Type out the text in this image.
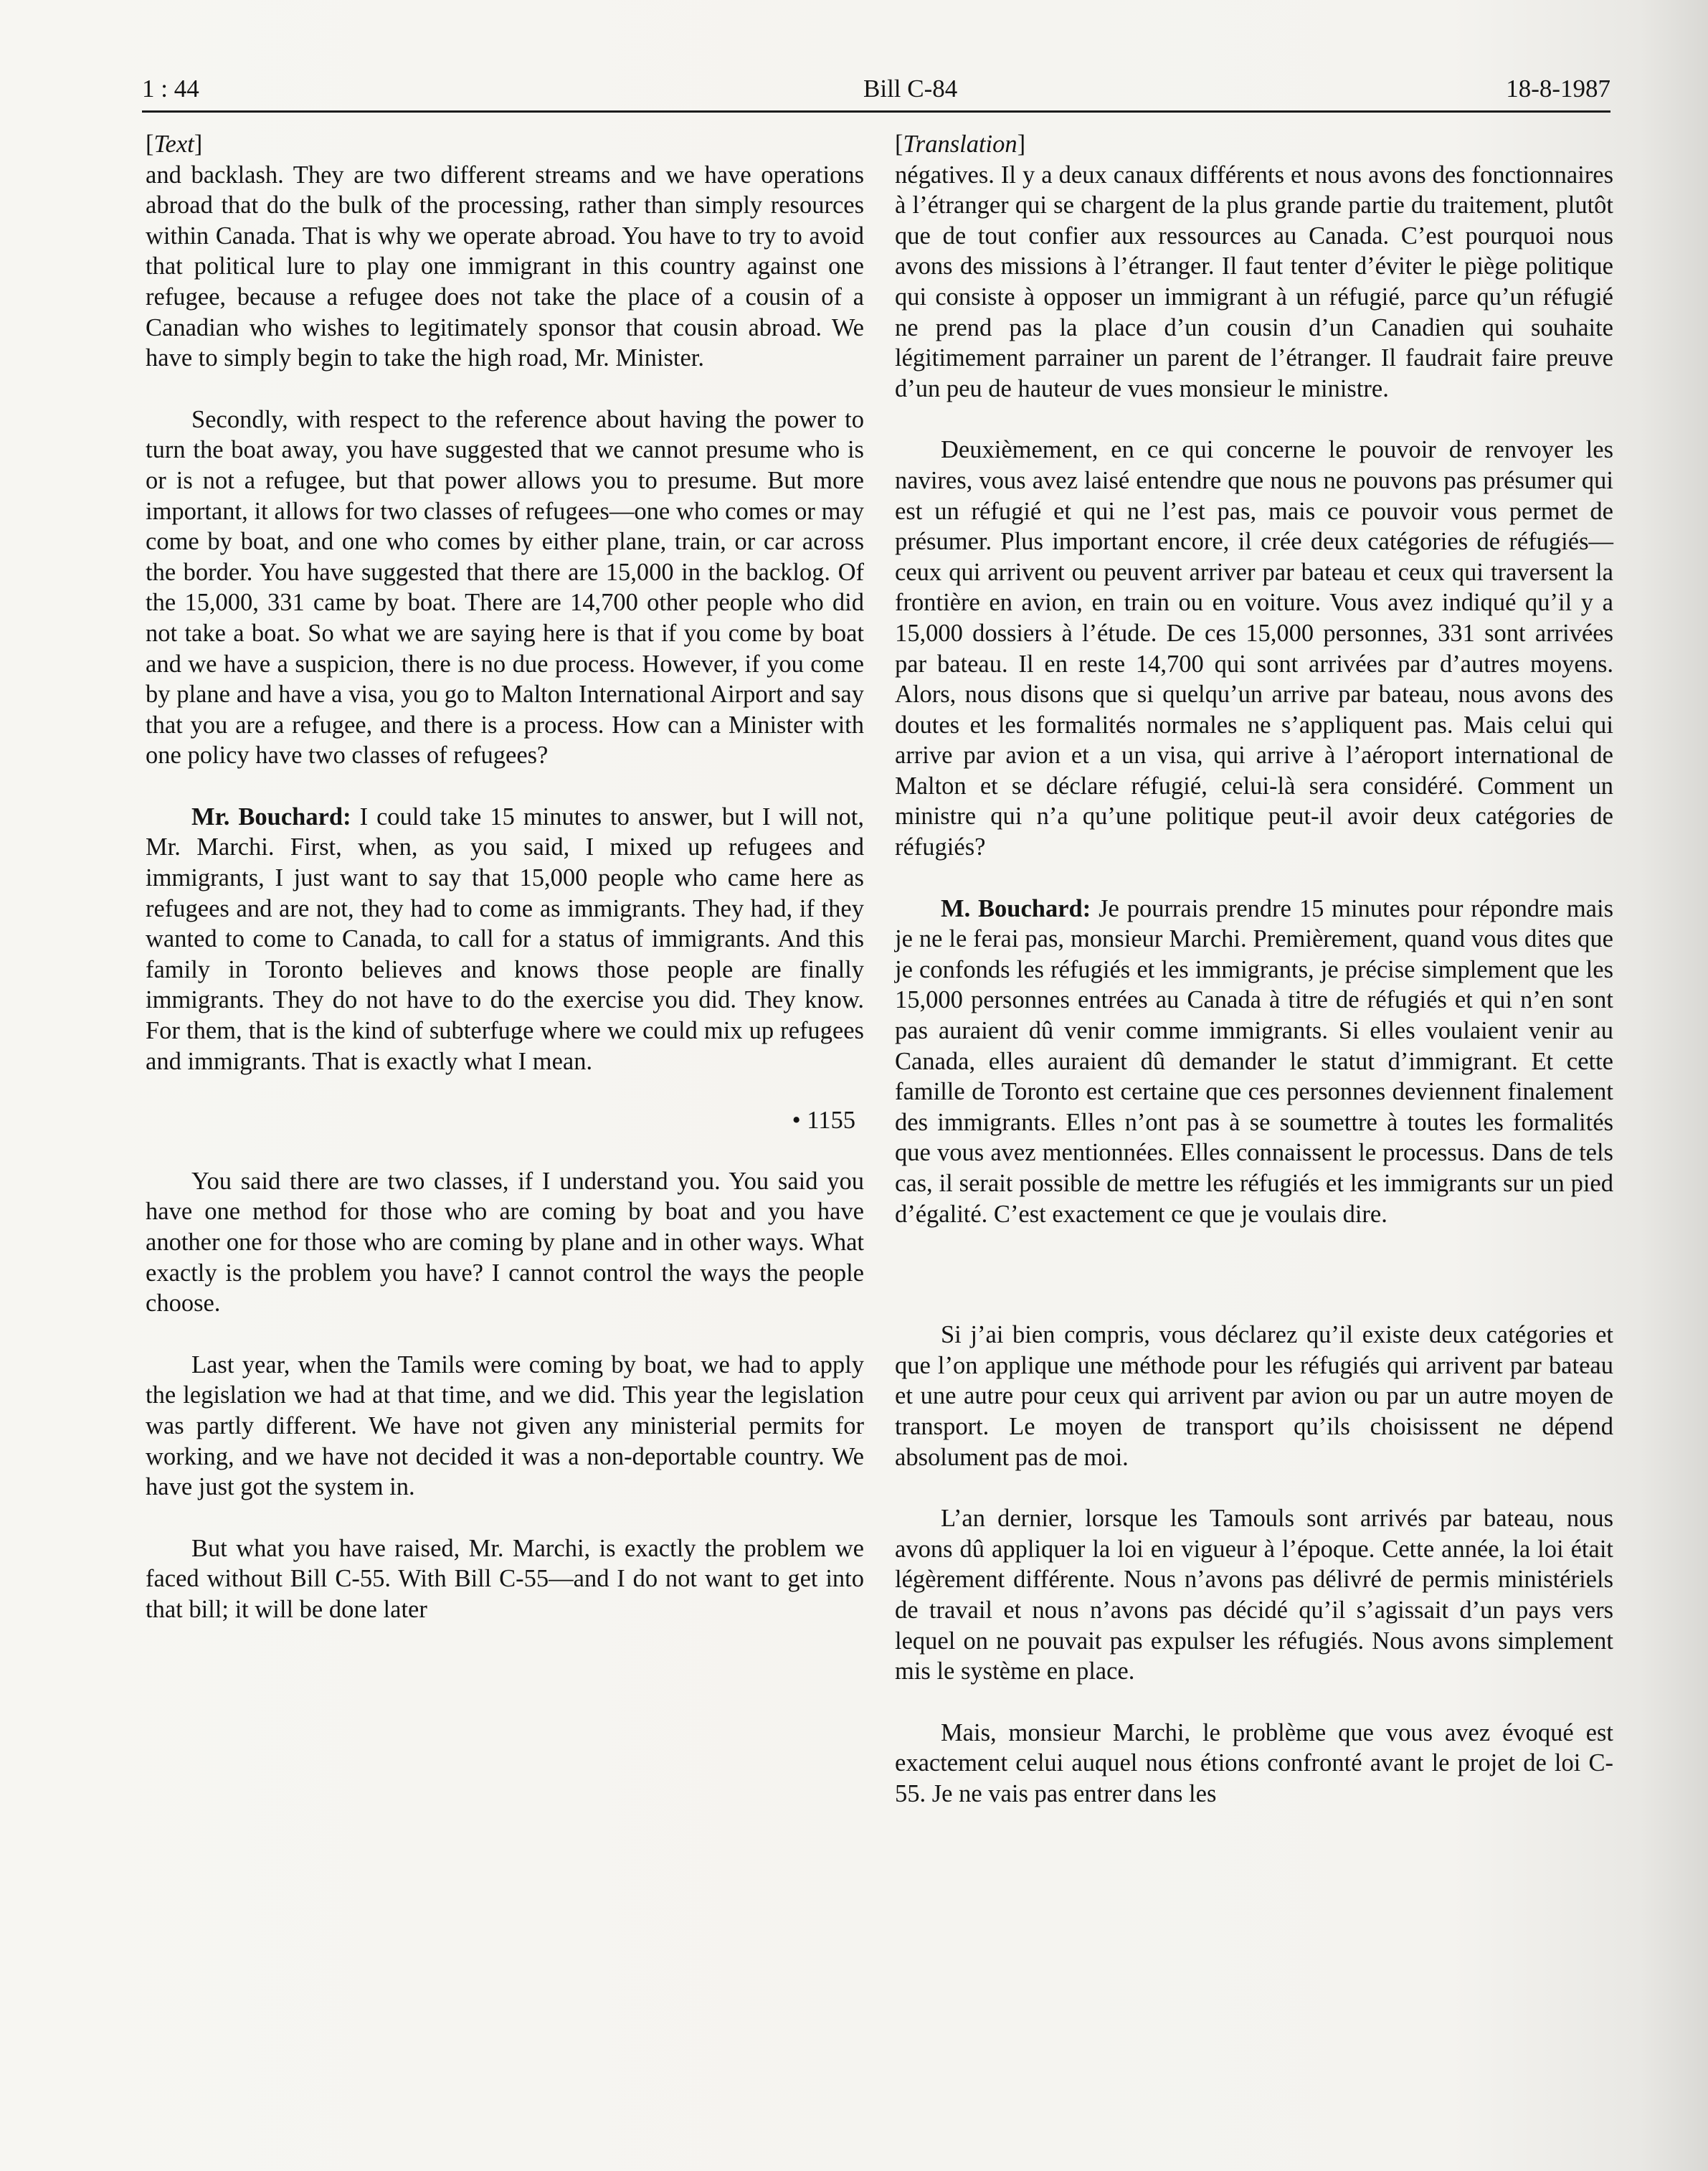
1 : 44	Bill C-84	18-8-1987

[Text]

and backlash. They are two different streams and we have operations abroad that do the bulk of the processing, rather than simply resources within Canada. That is why we operate abroad. You have to try to avoid that political lure to play one immigrant in this country against one refugee, because a refugee does not take the place of a cousin of a Canadian who wishes to legitimately sponsor that cousin abroad. We have to simply begin to take the high road, Mr. Minister.

Secondly, with respect to the reference about having the power to turn the boat away, you have suggested that we cannot presume who is or is not a refugee, but that power allows you to presume. But more important, it allows for two classes of refugees—one who comes or may come by boat, and one who comes by either plane, train, or car across the border. You have suggested that there are 15,000 in the backlog. Of the 15,000, 331 came by boat. There are 14,700 other people who did not take a boat. So what we are saying here is that if you come by boat and we have a suspicion, there is no due process. However, if you come by plane and have a visa, you go to Malton International Airport and say that you are a refugee, and there is a process. How can a Minister with one policy have two classes of refugees?

Mr. Bouchard: I could take 15 minutes to answer, but I will not, Mr. Marchi. First, when, as you said, I mixed up refugees and immigrants, I just want to say that 15,000 people who came here as refugees and are not, they had to come as immigrants. They had, if they wanted to come to Canada, to call for a status of immigrants. And this family in Toronto believes and knows those people are finally immigrants. They do not have to do the exercise you did. They know. For them, that is the kind of subterfuge where we could mix up refugees and immigrants. That is exactly what I mean.

• 1155

You said there are two classes, if I understand you. You said you have one method for those who are coming by boat and you have another one for those who are coming by plane and in other ways. What exactly is the problem you have? I cannot control the ways the people choose.

Last year, when the Tamils were coming by boat, we had to apply the legislation we had at that time, and we did. This year the legislation was partly different. We have not given any ministerial permits for working, and we have not decided it was a non-deportable country. We have just got the system in.

But what you have raised, Mr. Marchi, is exactly the problem we faced without Bill C-55. With Bill C-55—and I do not want to get into that bill; it will be done later

[Translation]

négatives. Il y a deux canaux différents et nous avons des fonctionnaires à l’étranger qui se chargent de la plus grande partie du traitement, plutôt que de tout confier aux ressources au Canada. C’est pourquoi nous avons des missions à l’étranger. Il faut tenter d’éviter le piège politique qui consiste à opposer un immigrant à un réfugié, parce qu’un réfugié ne prend pas la place d’un cousin d’un Canadien qui souhaite légitimement parrainer un parent de l’étranger. Il faudrait faire preuve d’un peu de hauteur de vues monsieur le ministre.

Deuxièmement, en ce qui concerne le pouvoir de renvoyer les navires, vous avez laisé entendre que nous ne pouvons pas présumer qui est un réfugié et qui ne l’est pas, mais ce pouvoir vous permet de présumer. Plus important encore, il crée deux catégories de réfugiés—ceux qui arrivent ou peuvent arriver par bateau et ceux qui traversent la frontière en avion, en train ou en voiture. Vous avez indiqué qu’il y a 15,000 dossiers à l’étude. De ces 15,000 personnes, 331 sont arrivées par bateau. Il en reste 14,700 qui sont arrivées par d’autres moyens. Alors, nous disons que si quelqu’un arrive par bateau, nous avons des doutes et les formalités normales ne s’appliquent pas. Mais celui qui arrive par avion et a un visa, qui arrive à l’aéroport international de Malton et se déclare réfugié, celui-là sera considéré. Comment un ministre qui n’a qu’une politique peut-il avoir deux catégories de réfugiés?

M. Bouchard: Je pourrais prendre 15 minutes pour répondre mais je ne le ferai pas, monsieur Marchi. Premièrement, quand vous dites que je confonds les réfugiés et les immigrants, je précise simplement que les 15,000 personnes entrées au Canada à titre de réfugiés et qui n’en sont pas auraient dû venir comme immigrants. Si elles voulaient venir au Canada, elles auraient dû demander le statut d’immigrant. Et cette famille de Toronto est certaine que ces personnes deviennent finalement des immigrants. Elles n’ont pas à se soumettre à toutes les formalités que vous avez mentionnées. Elles connaissent le processus. Dans de tels cas, il serait possible de mettre les réfugiés et les immigrants sur un pied d’égalité. C’est exactement ce que je voulais dire.

Si j’ai bien compris, vous déclarez qu’il existe deux catégories et que l’on applique une méthode pour les réfugiés qui arrivent par bateau et une autre pour ceux qui arrivent par avion ou par un autre moyen de transport. Le moyen de transport qu’ils choisissent ne dépend absolument pas de moi.

L’an dernier, lorsque les Tamouls sont arrivés par bateau, nous avons dû appliquer la loi en vigueur à l’époque. Cette année, la loi était légèrement différente. Nous n’avons pas délivré de permis ministériels de travail et nous n’avons pas décidé qu’il s’agissait d’un pays vers lequel on ne pouvait pas expulser les réfugiés. Nous avons simplement mis le système en place.

Mais, monsieur Marchi, le problème que vous avez évoqué est exactement celui auquel nous étions confronté avant le projet de loi C-55. Je ne vais pas entrer dans les
